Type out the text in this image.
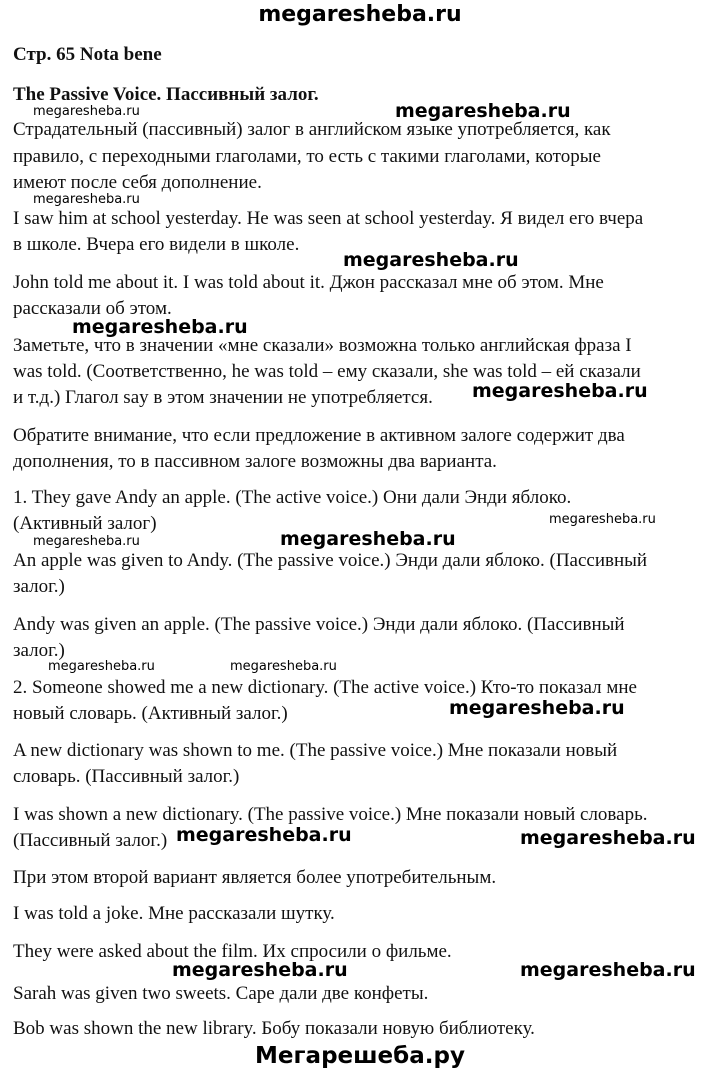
megaresheba.ru
Стр. 65 Nota bene
The Passive Voice. Пассивный залог.
Страдательный (пассивный) залог в английском языке употребляется, как
правило, с переходными глаголами, то есть с такими глаголами, которые
имеют после себя дополнение.
I saw him at school yesterday. He was seen at school yesterday. Я видел его вчера
в школе. Вчера его видели в школе.
John told me about it. I was told about it. Джон рассказал мне об этом. Мне
рассказали об этом.
Заметьте, что в значении «мне сказали» возможна только английская фраза I
was told. (Соответственно, he was told – ему сказали, she was told – ей сказали
и т.д.) Глагол say в этом значении не употребляется.
Обратите внимание, что если предложение в активном залоге содержит два
дополнения, то в пассивном залоге возможны два варианта.
1. They gave Andy an apple. (The active voice.) Они дали Энди яблоко.
(Активный залог)
An apple was given to Andy. (The passive voice.) Энди дали яблоко. (Пассивный
залог.)
Andy was given an apple. (The passive voice.) Энди дали яблоко. (Пассивный
залог.)
2. Someone showed me a new dictionary. (The active voice.) Кто-то показал мне
новый словарь. (Активный залог.)
A new dictionary was shown to me. (The passive voice.) Мне показали новый
словарь. (Пассивный залог.)
I was shown a new dictionary. (The passive voice.) Мне показали новый словарь.
(Пассивный залог.)
При этом второй вариант является более употребительным.
I was told a joke. Мне рассказали шутку.
They were asked about the film. Их спросили о фильме.
Sarah was given two sweets. Саре дали две конфеты.
Bob was shown the new library. Бобу показали новую библиотеку.
megaresheba.ru	megaresheba.ru
megaresheba.ru
megaresheba.ru
megaresheba.ru
megaresheba.ru
megaresheba.ru
megaresheba.ru	megaresheba.ru
megaresheba.ru	megaresheba.ru
megaresheba.ru
megaresheba.ru	megaresheba.ru
megaresheba.ru	megaresheba.ru
Мегарешеба.ру
